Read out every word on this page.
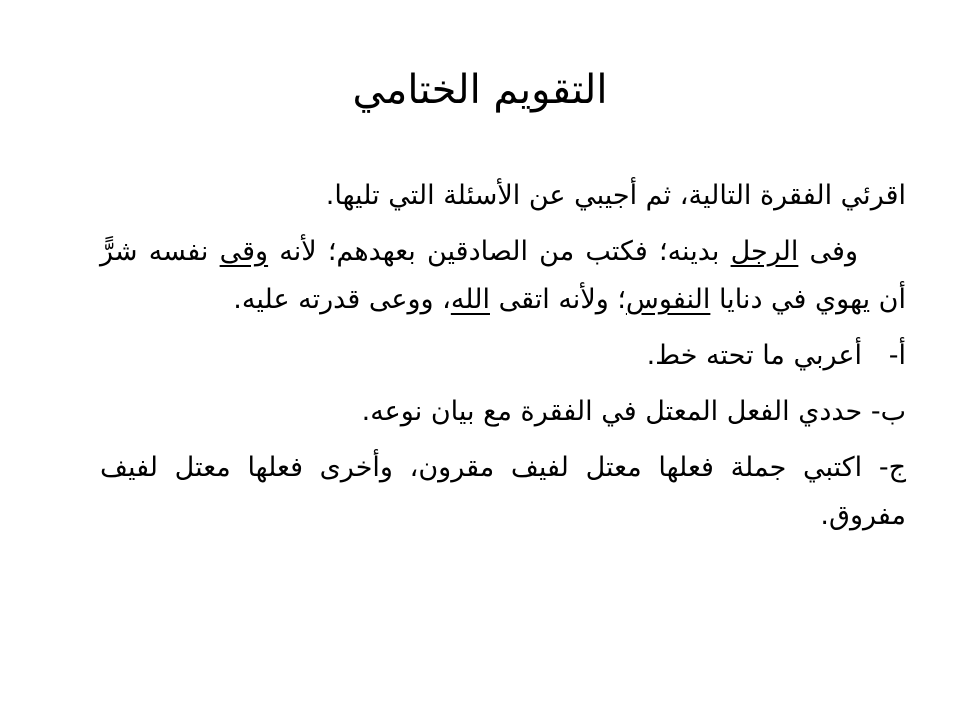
التقويم الختامي

اقرئي الفقرة التالية، ثم أجيبي عن الأسئلة التي تليها.

وفى الرجل بدينه؛ فكتب من الصادقين بعهدهم؛ لأنه وقى نفسه شرًّ أن يهوي في دنايا النفوس؛ ولأنه اتقى الله، ووعى قدرته عليه.

أ-أعربي ما تحته خط.

ب- حددي الفعل المعتل في الفقرة مع بيان نوعه.

ج- اكتبي جملة فعلها معتل لفيف مقرون، وأخرى فعلها معتل لفيف مفروق.
